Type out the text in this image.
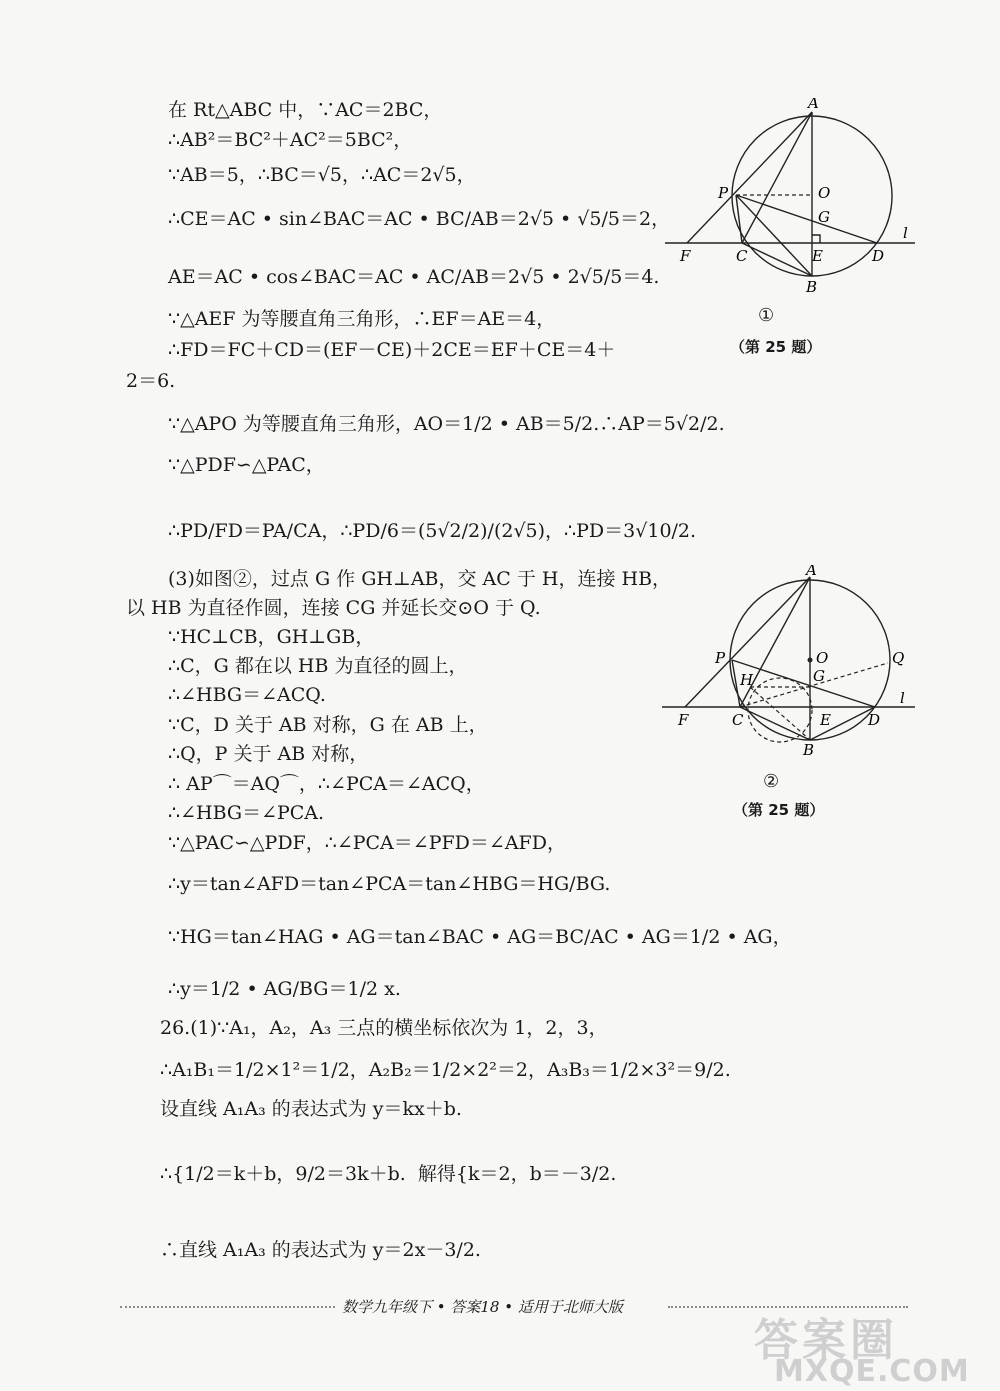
在 Rt△ABC 中，∵AC＝2BC，
∴AB²＝BC²＋AC²＝5BC²，
∵AB＝5，∴BC＝√5，∴AC＝2√5，
∴CE＝AC • sin∠BAC＝AC • BC/AB＝2√5 • √5/5＝2，
AE＝AC • cos∠BAC＝AC • AC/AB＝2√5 • 2√5/5＝4.
∵△AEF 为等腰直角三角形，∴EF＝AE＝4，
∴FD＝FC＋CD＝(EF－CE)＋2CE＝EF＋CE＝4＋
2＝6.
∵△APO 为等腰直角三角形，AO＝1/2 • AB＝5/2.∴AP＝5√2/2.
∵△PDF∽△PAC，
∴PD/FD＝PA/CA，∴PD/6＝(5√2/2)/(2√5)，∴PD＝3√10/2.
(3)如图②，过点 G 作 GH⊥AB，交 AC 于 H，连接 HB，
以 HB 为直径作圆，连接 CG 并延长交⊙O 于 Q.
∵HC⊥CB，GH⊥GB，
∴C，G 都在以 HB 为直径的圆上，
∴∠HBG＝∠ACQ.
∵C，D 关于 AB 对称，G 在 AB 上，
∴Q，P 关于 AB 对称，
∴ AP⌒＝AQ⌒，∴∠PCA＝∠ACQ，
∴∠HBG＝∠PCA.
∵△PAC∽△PDF，∴∠PCA＝∠PFD＝∠AFD，
∴y＝tan∠AFD＝tan∠PCA＝tan∠HBG＝HG/BG.
∵HG＝tan∠HAG • AG＝tan∠BAC • AG＝BC/AC • AG＝1/2 • AG，
∴y＝1/2 • AG/BG＝1/2 x.
26.(1)∵A₁，A₂，A₃ 三点的横坐标依次为 1，2，3，
∴A₁B₁＝1/2×1²＝1/2，A₂B₂＝1/2×2²＝2，A₃B₃＝1/2×3²＝9/2.
设直线 A₁A₃ 的表达式为 y＝kx＋b.
∴{1/2＝k＋b，9/2＝3k＋b.  解得{k＝2，b＝－3/2.
∴直线 A₁A₃ 的表达式为 y＝2x－3/2.
A
O
P
G
l
F	C	E	D
B
①
（第 25 题）
A
O
P	Q
H	G
l
F	C	E D
B
②
（第 25 题）
数学九年级下 • 答案18 • 适用于北师大版
答案圈
MXQE.COM
